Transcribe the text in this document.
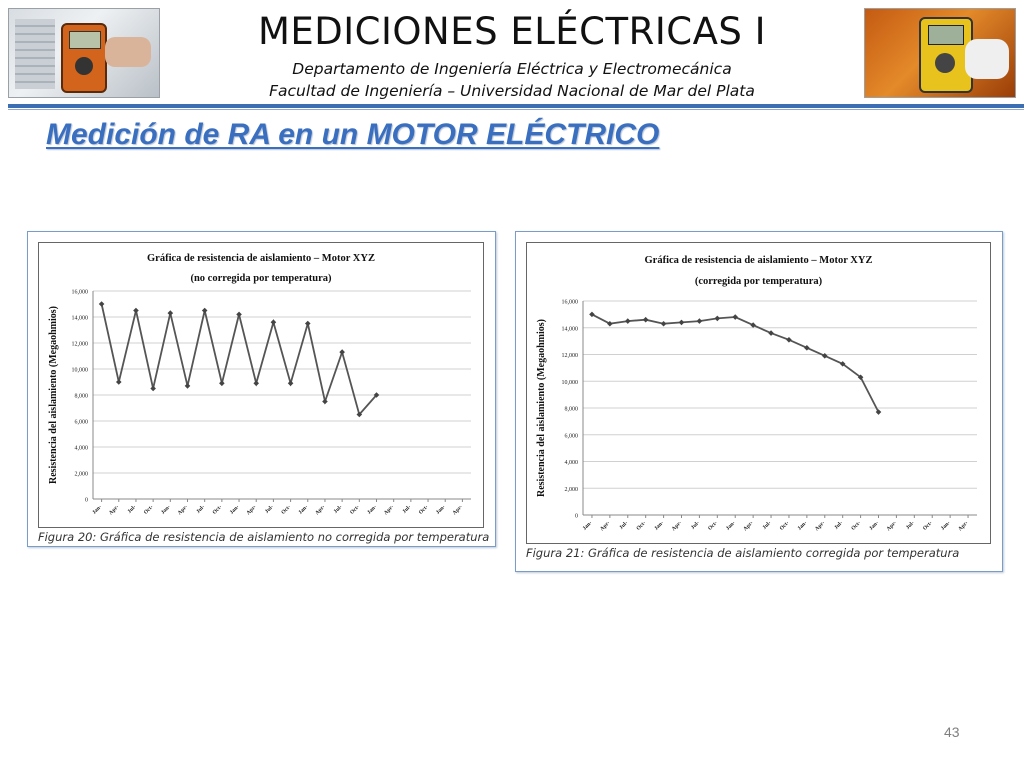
MEDICIONES ELÉCTRICAS I
Departamento de Ingeniería Eléctrica y Electromecánica
Facultad de Ingeniería – Universidad Nacional de Mar del Plata
Medición de RA en un MOTOR ELÉCTRICO
Gráfica de resistencia de aislamiento – Motor XYZ
(no corregida por temperatura)
Resistencia del aislamiento (Megaohmios)
0
2,000
4,000
6,000
8,000
10,000
12,000
14,000
16,000
Jan- Apr- Jul- Oct- Jan- Apr- Jul- Oct- Jan- Apr- Jul- Oct- Jan- Apr- Jul- Oct- Jan- Apr- Jul- Oct- Jan- Apr-
Figura 20: Gráfica de resistencia de aislamiento no corregida por temperatura
Gráfica de resistencia de aislamiento – Motor XYZ
(corregida por temperatura)
Resistencia del aislamiento (Megaohmios)
0
2,000
4,000
6,000
8,000
10,000
12,000
14,000
16,000
Jan- Apr- Jul- Oct- Jan- Apr- Jul- Oct- Jan- Apr- Jul- Oct- Jan- Apr- Jul- Oct- Jan- Apr- Jul- Oct- Jan- Apr-
Figura 21: Gráfica de resistencia de aislamiento corregida por temperatura
43
